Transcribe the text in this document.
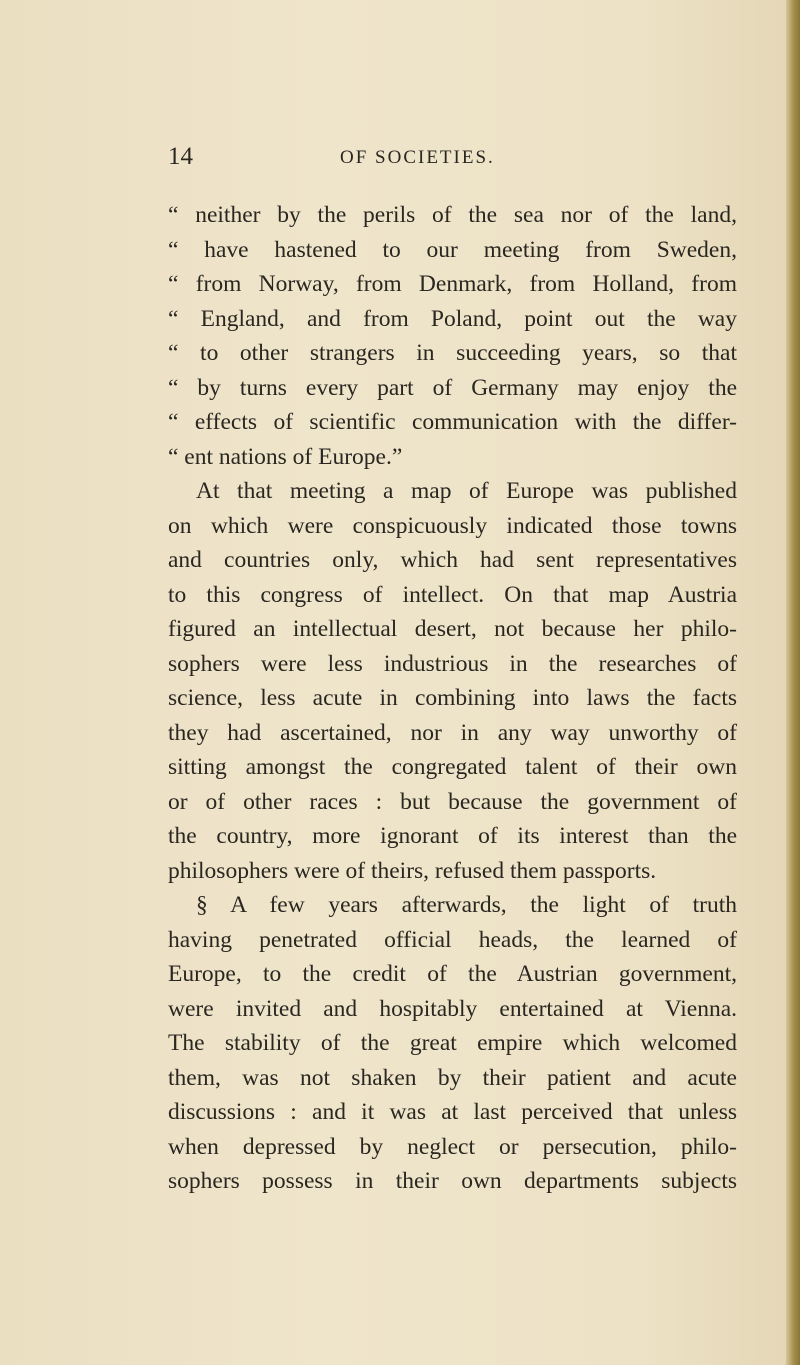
14	OF SOCIETIES.
“ neither by the perils of the sea nor of the land,
“ have hastened to our meeting from Sweden,
“ from Norway, from Denmark, from Holland, from
“ England, and from Poland, point out the way
“ to other strangers in succeeding years, so that
“ by turns every part of Germany may enjoy the
“ effects of scientific communication with the differ-
“ ent nations of Europe.”
At that meeting a map of Europe was published
on which were conspicuously indicated those towns
and countries only, which had sent representatives
to this congress of intellect. On that map Austria
figured an intellectual desert, not because her philo-
sophers were less industrious in the researches of
science, less acute in combining into laws the facts
they had ascertained, nor in any way unworthy of
sitting amongst the congregated talent of their own
or of other races : but because the government of
the country, more ignorant of its interest than the
philosophers were of theirs, refused them passports.
§ A few years afterwards, the light of truth
having penetrated official heads, the learned of
Europe, to the credit of the Austrian government,
were invited and hospitably entertained at Vienna.
The stability of the great empire which welcomed
them, was not shaken by their patient and acute
discussions : and it was at last perceived that unless
when depressed by neglect or persecution, philo-
sophers possess in their own departments subjects
